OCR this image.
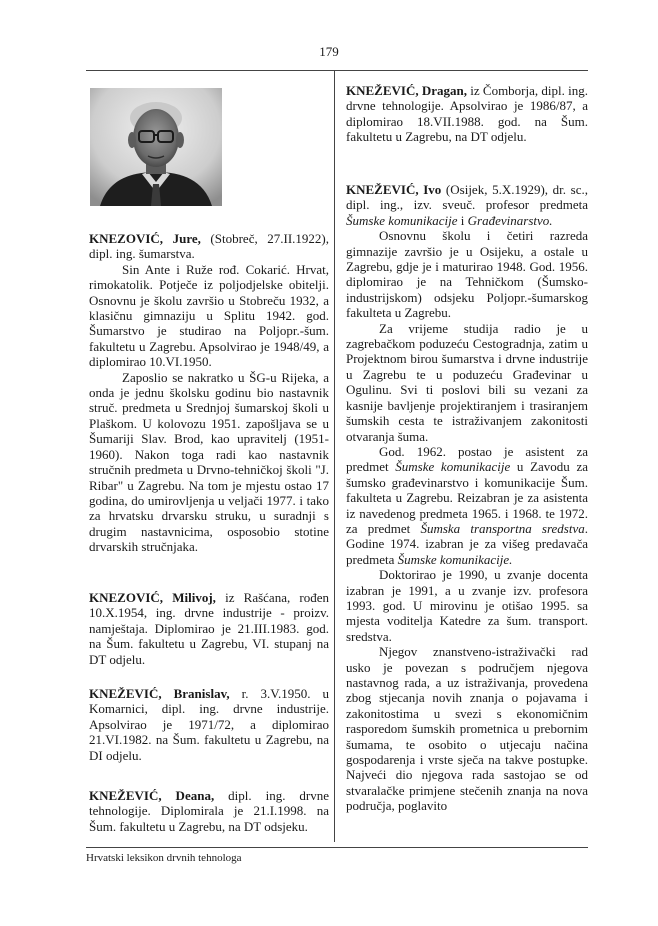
179

KNEZOVIĆ, Jure, (Stobreč, 27.II.1922), dipl. ing. šumarstva.

Sin Ante i Ruže rođ. Cokarić. Hrvat, rimokatolik. Potječe iz poljodjelske obitelji. Osnovnu je školu završio u Stobreču 1932, a klasičnu gimnaziju u Splitu 1942. god. Šumarstvo je studirao na Poljopr.-šum. fakultetu u Zagrebu. Apsolvirao je 1948/49, a diplomirao 10.VI.1950.

Zaposlio se nakratko u ŠG-u Rijeka, a onda je jednu školsku godinu bio nastavnik struč. predmeta u Srednjoj šumarskoj školi u Plaškom. U kolovozu 1951. zapošljava se u Šumariji Slav. Brod, kao upravitelj (1951-1960). Nakon toga radi kao nastavnik stručnih predmeta u Drvno-tehničkoj školi "J. Ribar" u Zagrebu. Na tom je mjestu ostao 17 godina, do umirovljenja u veljači 1977. i tako za hrvatsku drvarsku struku, u suradnji s drugim nastavnicima, osposobio stotine drvarskih stručnjaka.

KNEZOVIĆ, Milivoj, iz Rašćana, rođen 10.X.1954, ing. drvne industrije - proizv. namještaja. Diplomirao je 21.III.1983. god. na Šum. fakultetu u Zagrebu, VI. stupanj na DT odjelu.

KNEŽEVIĆ, Branislav, r. 3.V.1950. u Komarnici, dipl. ing. drvne industrije. Apsolvirao je 1971/72, a diplomirao 21.VI.1982. na Šum. fakultetu u Zagrebu, na DI odjelu.

KNEŽEVIĆ, Deana, dipl. ing. drvne tehnologije. Diplomirala je 21.I.1998. na Šum. fakultetu u Zagrebu, na DT odsjeku.

KNEŽEVIĆ, Dragan, iz Čomborja, dipl. ing. drvne tehnologije. Apsolvirao je 1986/87, a diplomirao 18.VII.1988. god. na Šum. fakultetu u Zagrebu, na DT odjelu.

KNEŽEVIĆ, Ivo (Osijek, 5.X.1929), dr. sc., dipl. ing., izv. sveuč. profesor predmeta Šumske komunikacije i Građevinarstvo.

Osnovnu školu i četiri razreda gimnazije završio je u Osijeku, a ostale u Zagrebu, gdje je i maturirao 1948. God. 1956. diplomirao je na Tehničkom (Šumsko-industrijskom) odsjeku Poljopr.-šumarskog fakulteta u Zagrebu.

Za vrijeme studija radio je u zagrebačkom poduzeću Cestogradnja, zatim u Projektnom birou šumarstva i drvne industrije u Zagrebu te u poduzeću Građevinar u Ogulinu. Svi ti poslovi bili su vezani za kasnije bavljenje projektiranjem i trasiranjem šumskih cesta te istraživanjem zakonitosti otvaranja šuma.

God. 1962. postao je asistent za predmet Šumske komunikacije u Zavodu za šumsko građevinarstvo i komunikacije Šum. fakulteta u Zagrebu. Reizabran je za asistenta iz navedenog predmeta 1965. i 1968. te 1972. za predmet Šumska transportna sredstva. Godine 1974. izabran je za višeg predavača predmeta Šumske komunikacije.

Doktorirao je 1990, u zvanje docenta izabran je 1991, a u zvanje izv. profesora 1993. god. U mirovinu je otišao 1995. sa mjesta voditelja Katedre za šum. transport. sredstva.

Njegov znanstveno-istraživački rad usko je povezan s područjem njegova nastavnog rada, a uz istraživanja, provedena zbog stjecanja novih znanja o pojavama i zakonitostima u svezi s ekonomičnim rasporedom šumskih prometnica u prebornim šumama, te osobito o utjecaju načina gospodarenja i vrste sječa na takve postupke. Najveći dio njegova rada sastojao se od stvaralačke primjene stečenih znanja na nova područja, poglavito

Hrvatski leksikon drvnih tehnologa
